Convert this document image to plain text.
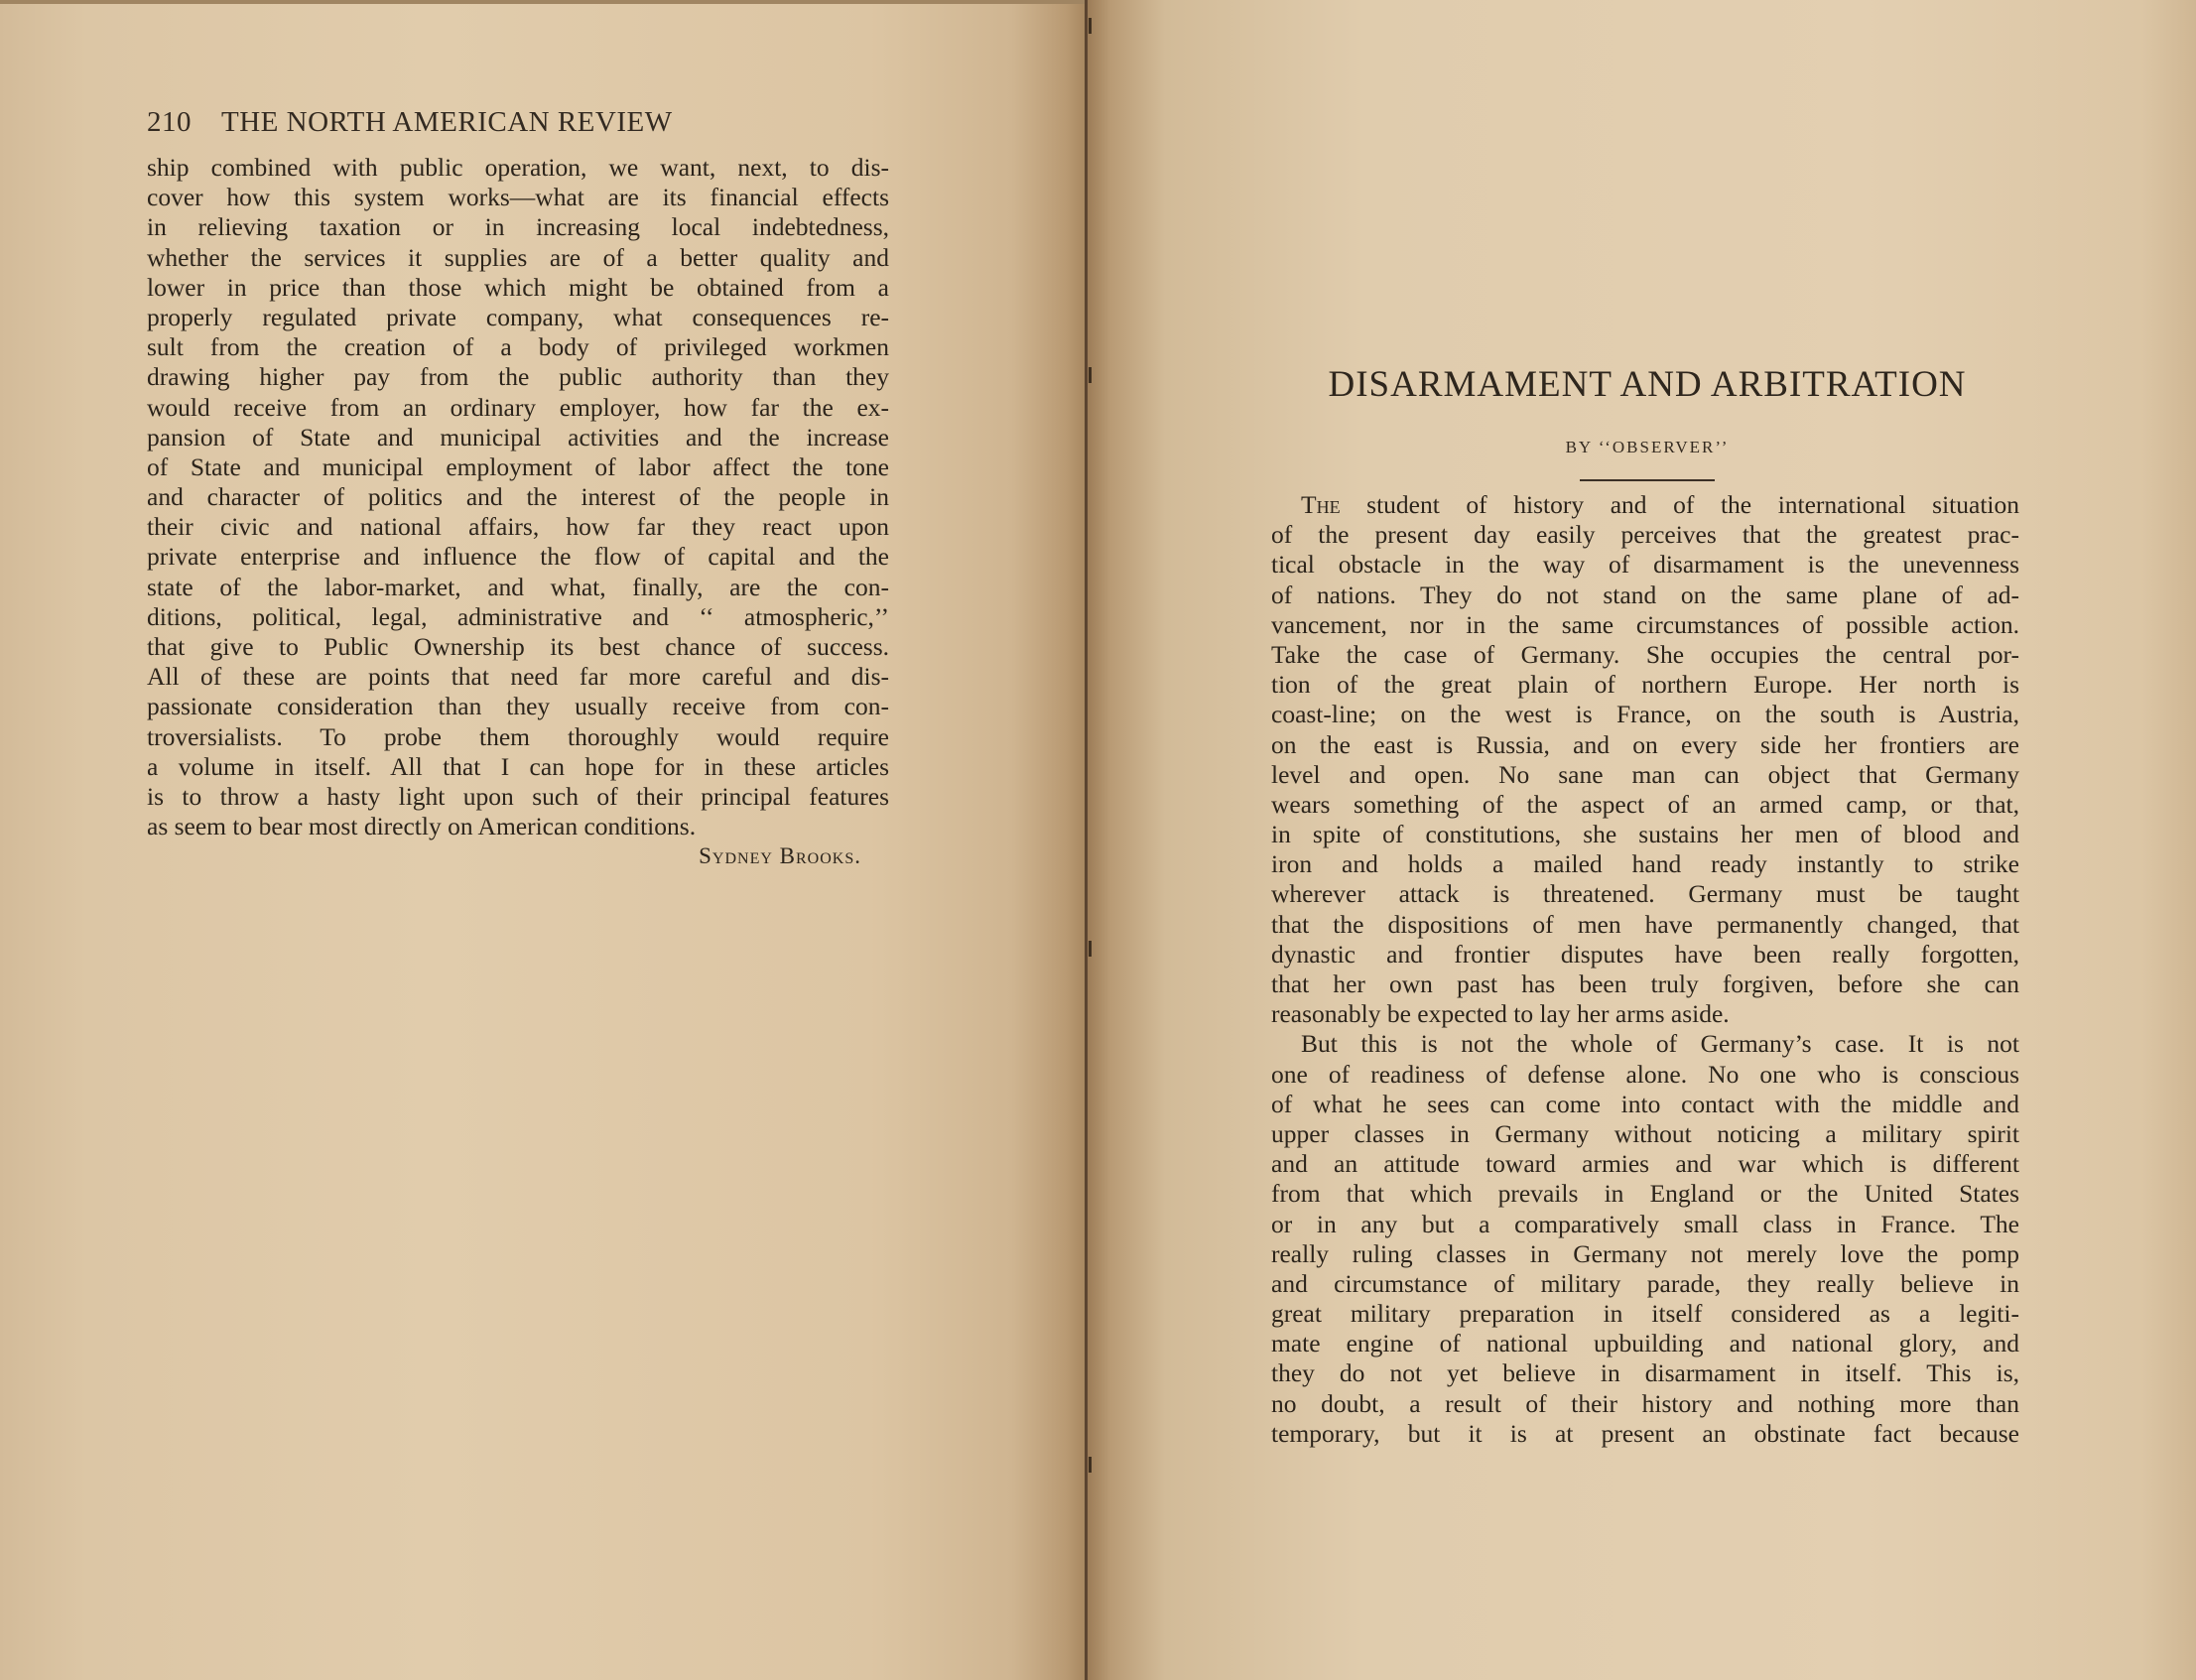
210 THE NORTH AMERICAN REVIEW
ship combined with public operation, we want, next, to dis-
cover how this system works—what are its financial effects
in relieving taxation or in increasing local indebtedness,
whether the services it supplies are of a better quality and
lower in price than those which might be obtained from a
properly regulated private company, what consequences re-
sult from the creation of a body of privileged workmen
drawing higher pay from the public authority than they
would receive from an ordinary employer, how far the ex-
pansion of State and municipal activities and the increase
of State and municipal employment of labor affect the tone
and character of politics and the interest of the people in
their civic and national affairs, how far they react upon
private enterprise and influence the flow of capital and the
state of the labor-market, and what, finally, are the con-
ditions, political, legal, administrative and ‘‘ atmospheric,’’
that give to Public Ownership its best chance of success.
All of these are points that need far more careful and dis-
passionate consideration than they usually receive from con-
troversialists. To probe them thoroughly would require
a volume in itself. All that I can hope for in these articles
is to throw a hasty light upon such of their principal features
as seem to bear most directly on American conditions.
Sydney Brooks.
DISARMAMENT AND ARBITRATION
BY ‘‘OBSERVER’’
The student of history and of the international situation
of the present day easily perceives that the greatest prac-
tical obstacle in the way of disarmament is the unevenness
of nations. They do not stand on the same plane of ad-
vancement, nor in the same circumstances of possible action.
Take the case of Germany. She occupies the central por-
tion of the great plain of northern Europe. Her north is
coast-line; on the west is France, on the south is Austria,
on the east is Russia, and on every side her frontiers are
level and open. No sane man can object that Germany
wears something of the aspect of an armed camp, or that,
in spite of constitutions, she sustains her men of blood and
iron and holds a mailed hand ready instantly to strike
wherever attack is threatened. Germany must be taught
that the dispositions of men have permanently changed, that
dynastic and frontier disputes have been really forgotten,
that her own past has been truly forgiven, before she can
reasonably be expected to lay her arms aside.
But this is not the whole of Germany’s case. It is not
one of readiness of defense alone. No one who is conscious
of what he sees can come into contact with the middle and
upper classes in Germany without noticing a military spirit
and an attitude toward armies and war which is different
from that which prevails in England or the United States
or in any but a comparatively small class in France. The
really ruling classes in Germany not merely love the pomp
and circumstance of military parade, they really believe in
great military preparation in itself considered as a legiti-
mate engine of national upbuilding and national glory, and
they do not yet believe in disarmament in itself. This is,
no doubt, a result of their history and nothing more than
temporary, but it is at present an obstinate fact because
